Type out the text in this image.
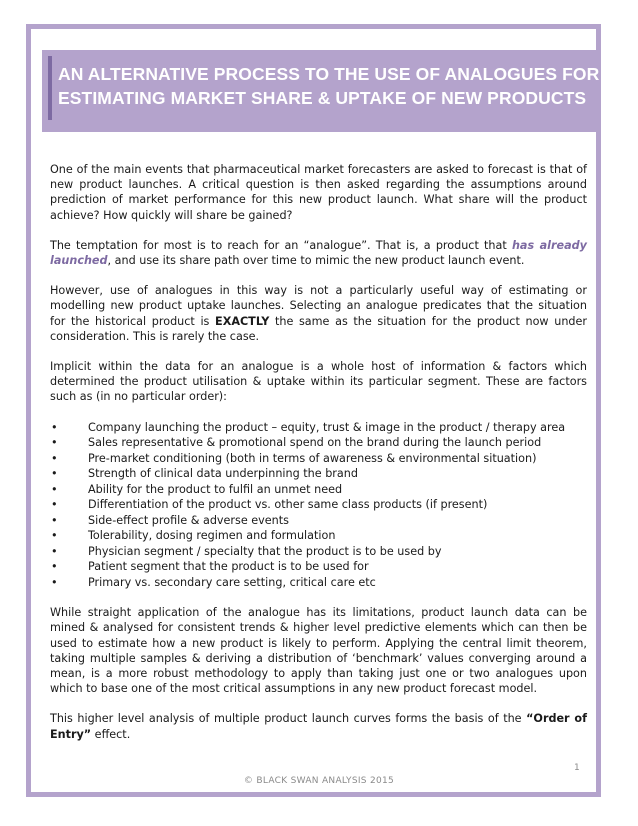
AN ALTERNATIVE PROCESS TO THE USE OF ANALOGUES FOR
ESTIMATING MARKET SHARE & UPTAKE OF NEW PRODUCTS

One of the main events that pharmaceutical market forecasters are asked to forecast is that of new product launches. A critical question is then asked regarding the assumptions around prediction of market performance for this new product launch. What share will the product achieve? How quickly will share be gained?

The temptation for most is to reach for an “analogue”. That is, a product that has already launched, and use its share path over time to mimic the new product launch event.

However, use of analogues in this way is not a particularly useful way of estimating or modelling new product uptake launches. Selecting an analogue predicates that the situation for the historical product is EXACTLY the same as the situation for the product now under consideration. This is rarely the case.

Implicit within the data for an analogue is a whole host of information & factors which determined the product utilisation & uptake within its particular segment. These are factors such as (in no particular order):

•	Company launching the product – equity, trust & image in the product / therapy area
•	Sales representative & promotional spend on the brand during the launch period
•	Pre-market conditioning (both in terms of awareness & environmental situation)
•	Strength of clinical data underpinning the brand
•	Ability for the product to fulfil an unmet need
•	Differentiation of the product vs. other same class products (if present)
•	Side-effect profile & adverse events
•	Tolerability, dosing regimen and formulation
•	Physician segment / specialty that the product is to be used by
•	Patient segment that the product is to be used for
•	Primary vs. secondary care setting, critical care etc

While straight application of the analogue has its limitations, product launch data can be mined & analysed for consistent trends & higher level predictive elements which can then be used to estimate how a new product is likely to perform. Applying the central limit theorem, taking multiple samples & deriving a distribution of ‘benchmark’ values converging around a mean, is a more robust methodology to apply than taking just one or two analogues upon which to base one of the most critical assumptions in any new product forecast model.

This higher level analysis of multiple product launch curves forms the basis of the “Order of Entry” effect.

1
© BLACK SWAN ANALYSIS 2015
